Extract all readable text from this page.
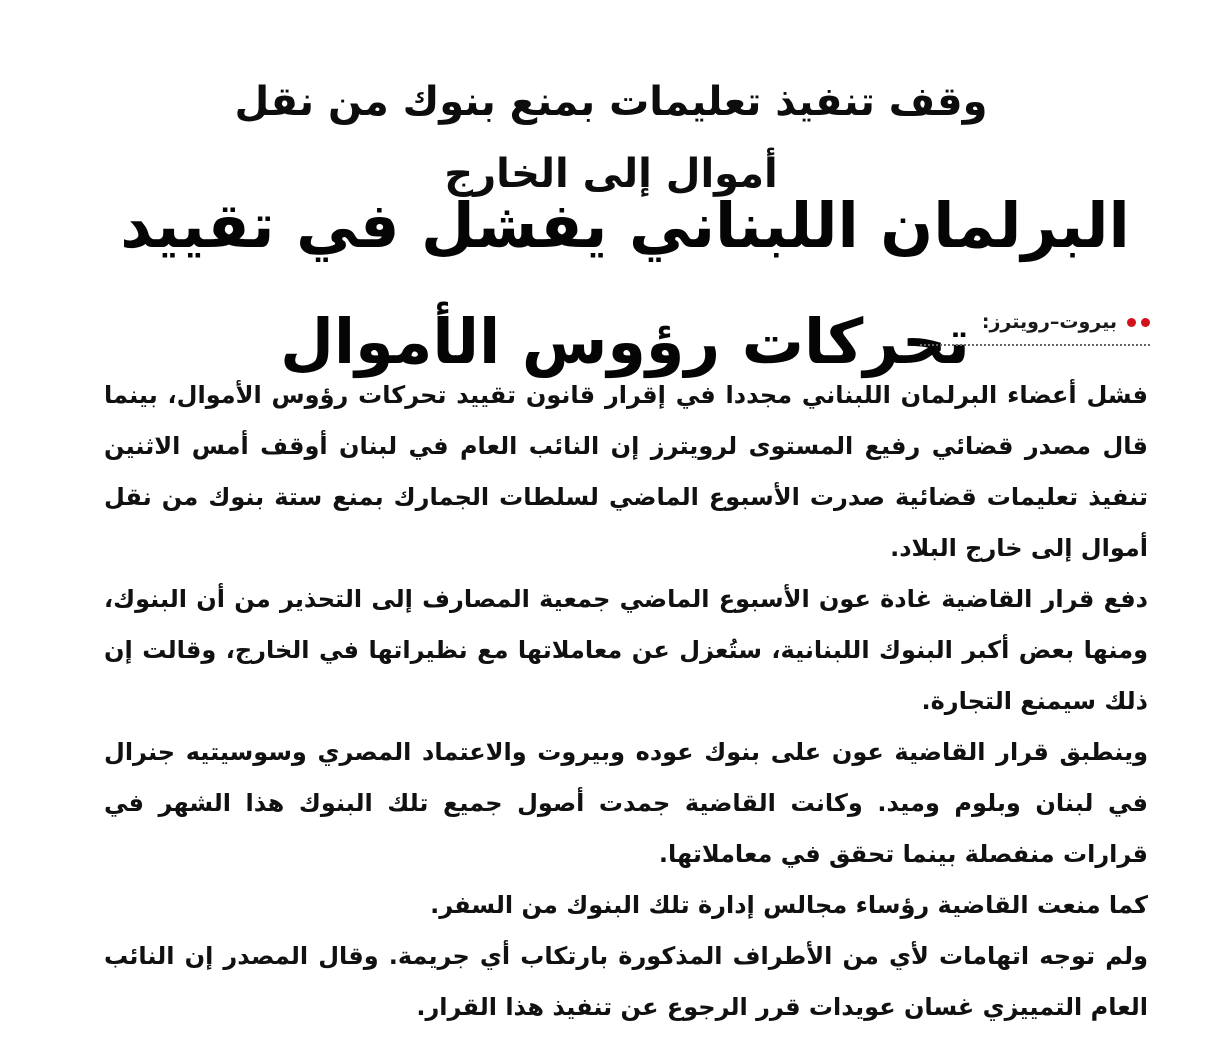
وقف تنفيذ تعليمات بمنع بنوك من نقل أموال إلى الخارج
البرلمان اللبناني يفشل في تقييد تحركات رؤوس الأموال بيروت–رويترز:

فشل أعضاء البرلمان اللبناني مجددا في إقرار قانون تقييد تحركات رؤوس الأموال، بينما قال مصدر قضائي رفيع المستوى لرويترز إن النائب العام في لبنان أوقف أمس الاثنين تنفيذ تعليمات قضائية صدرت الأسبوع الماضي لسلطات الجمارك بمنع ستة بنوك من نقل أموال إلى خارج البلاد.

دفع قرار القاضية غادة عون الأسبوع الماضي جمعية المصارف إلى التحذير من أن البنوك، ومنها بعض أكبر البنوك اللبنانية، ستُعزل عن معاملاتها مع نظيراتها في الخارج، وقالت إن ذلك سيمنع التجارة.

وينطبق قرار القاضية عون على بنوك عوده وبيروت والاعتماد المصري وسوسيتيه جنرال في لبنان وبلوم وميد. وكانت القاضية جمدت أصول جميع تلك البنوك هذا الشهر في قرارات منفصلة بينما تحقق في معاملاتها.

كما منعت القاضية رؤساء مجالس إدارة تلك البنوك من السفر.

ولم توجه اتهامات لأي من الأطراف المذكورة بارتكاب أي جريمة. وقال المصدر إن النائب العام التمييزي غسان عويدات قرر الرجوع عن تنفيذ هذا القرار.
